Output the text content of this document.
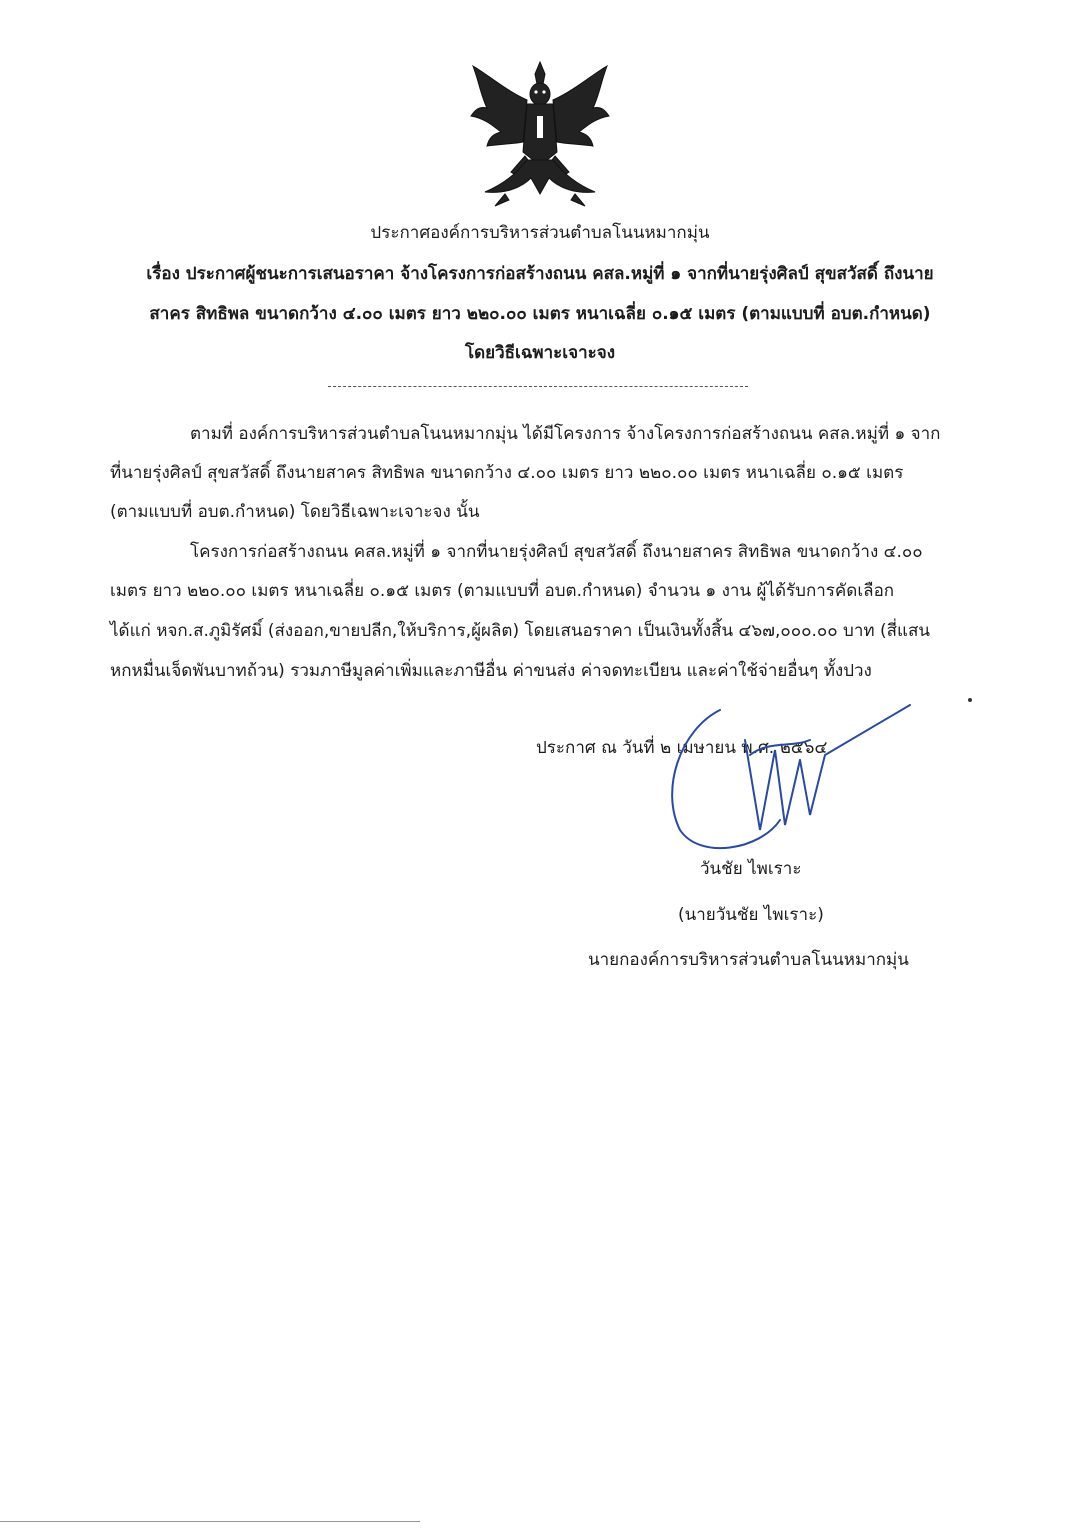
ประกาศองค์การบริหารส่วนตำบลโนนหมากมุ่น
เรื่อง ประกาศผู้ชนะการเสนอราคา จ้างโครงการก่อสร้างถนน คสล.หมู่ที่ ๑ จากที่นายรุ่งศิลป์ สุขสวัสดิ์ ถึงนาย
สาคร สิทธิพล ขนาดกว้าง ๔.๐๐ เมตร ยาว ๒๒๐.๐๐ เมตร หนาเฉลี่ย ๐.๑๕ เมตร (ตามแบบที่ อบต.กำหนด)
โดยวิธีเฉพาะเจาะจง
ตามที่ องค์การบริหารส่วนตำบลโนนหมากมุ่น ได้มีโครงการ จ้างโครงการก่อสร้างถนน คสล.หมู่ที่ ๑ จาก
ที่นายรุ่งศิลป์ สุขสวัสดิ์ ถึงนายสาคร สิทธิพล ขนาดกว้าง ๔.๐๐ เมตร ยาว ๒๒๐.๐๐ เมตร หนาเฉลี่ย ๐.๑๕ เมตร
(ตามแบบที่ อบต.กำหนด) โดยวิธีเฉพาะเจาะจง นั้น
โครงการก่อสร้างถนน คสล.หมู่ที่ ๑ จากที่นายรุ่งศิลป์ สุขสวัสดิ์ ถึงนายสาคร สิทธิพล ขนาดกว้าง ๔.๐๐
เมตร ยาว ๒๒๐.๐๐ เมตร หนาเฉลี่ย ๐.๑๕ เมตร (ตามแบบที่ อบต.กำหนด) จำนวน ๑ งาน ผู้ได้รับการคัดเลือก
ได้แก่ หจก.ส.ภูมิรัศมิ์ (ส่งออก,ขายปลีก,ให้บริการ,ผู้ผลิต) โดยเสนอราคา เป็นเงินทั้งสิ้น ๔๖๗,๐๐๐.๐๐ บาท (สี่แสน
หกหมื่นเจ็ดพันบาทถ้วน) รวมภาษีมูลค่าเพิ่มและภาษีอื่น ค่าขนส่ง ค่าจดทะเบียน และค่าใช้จ่ายอื่นๆ ทั้งปวง
ประกาศ ณ วันที่ ๒ เมษายน พ.ศ. ๒๕๖๔
วันชัย ไพเราะ
(นายวันชัย ไพเราะ)
นายกองค์การบริหารส่วนตำบลโนนหมากมุ่น
